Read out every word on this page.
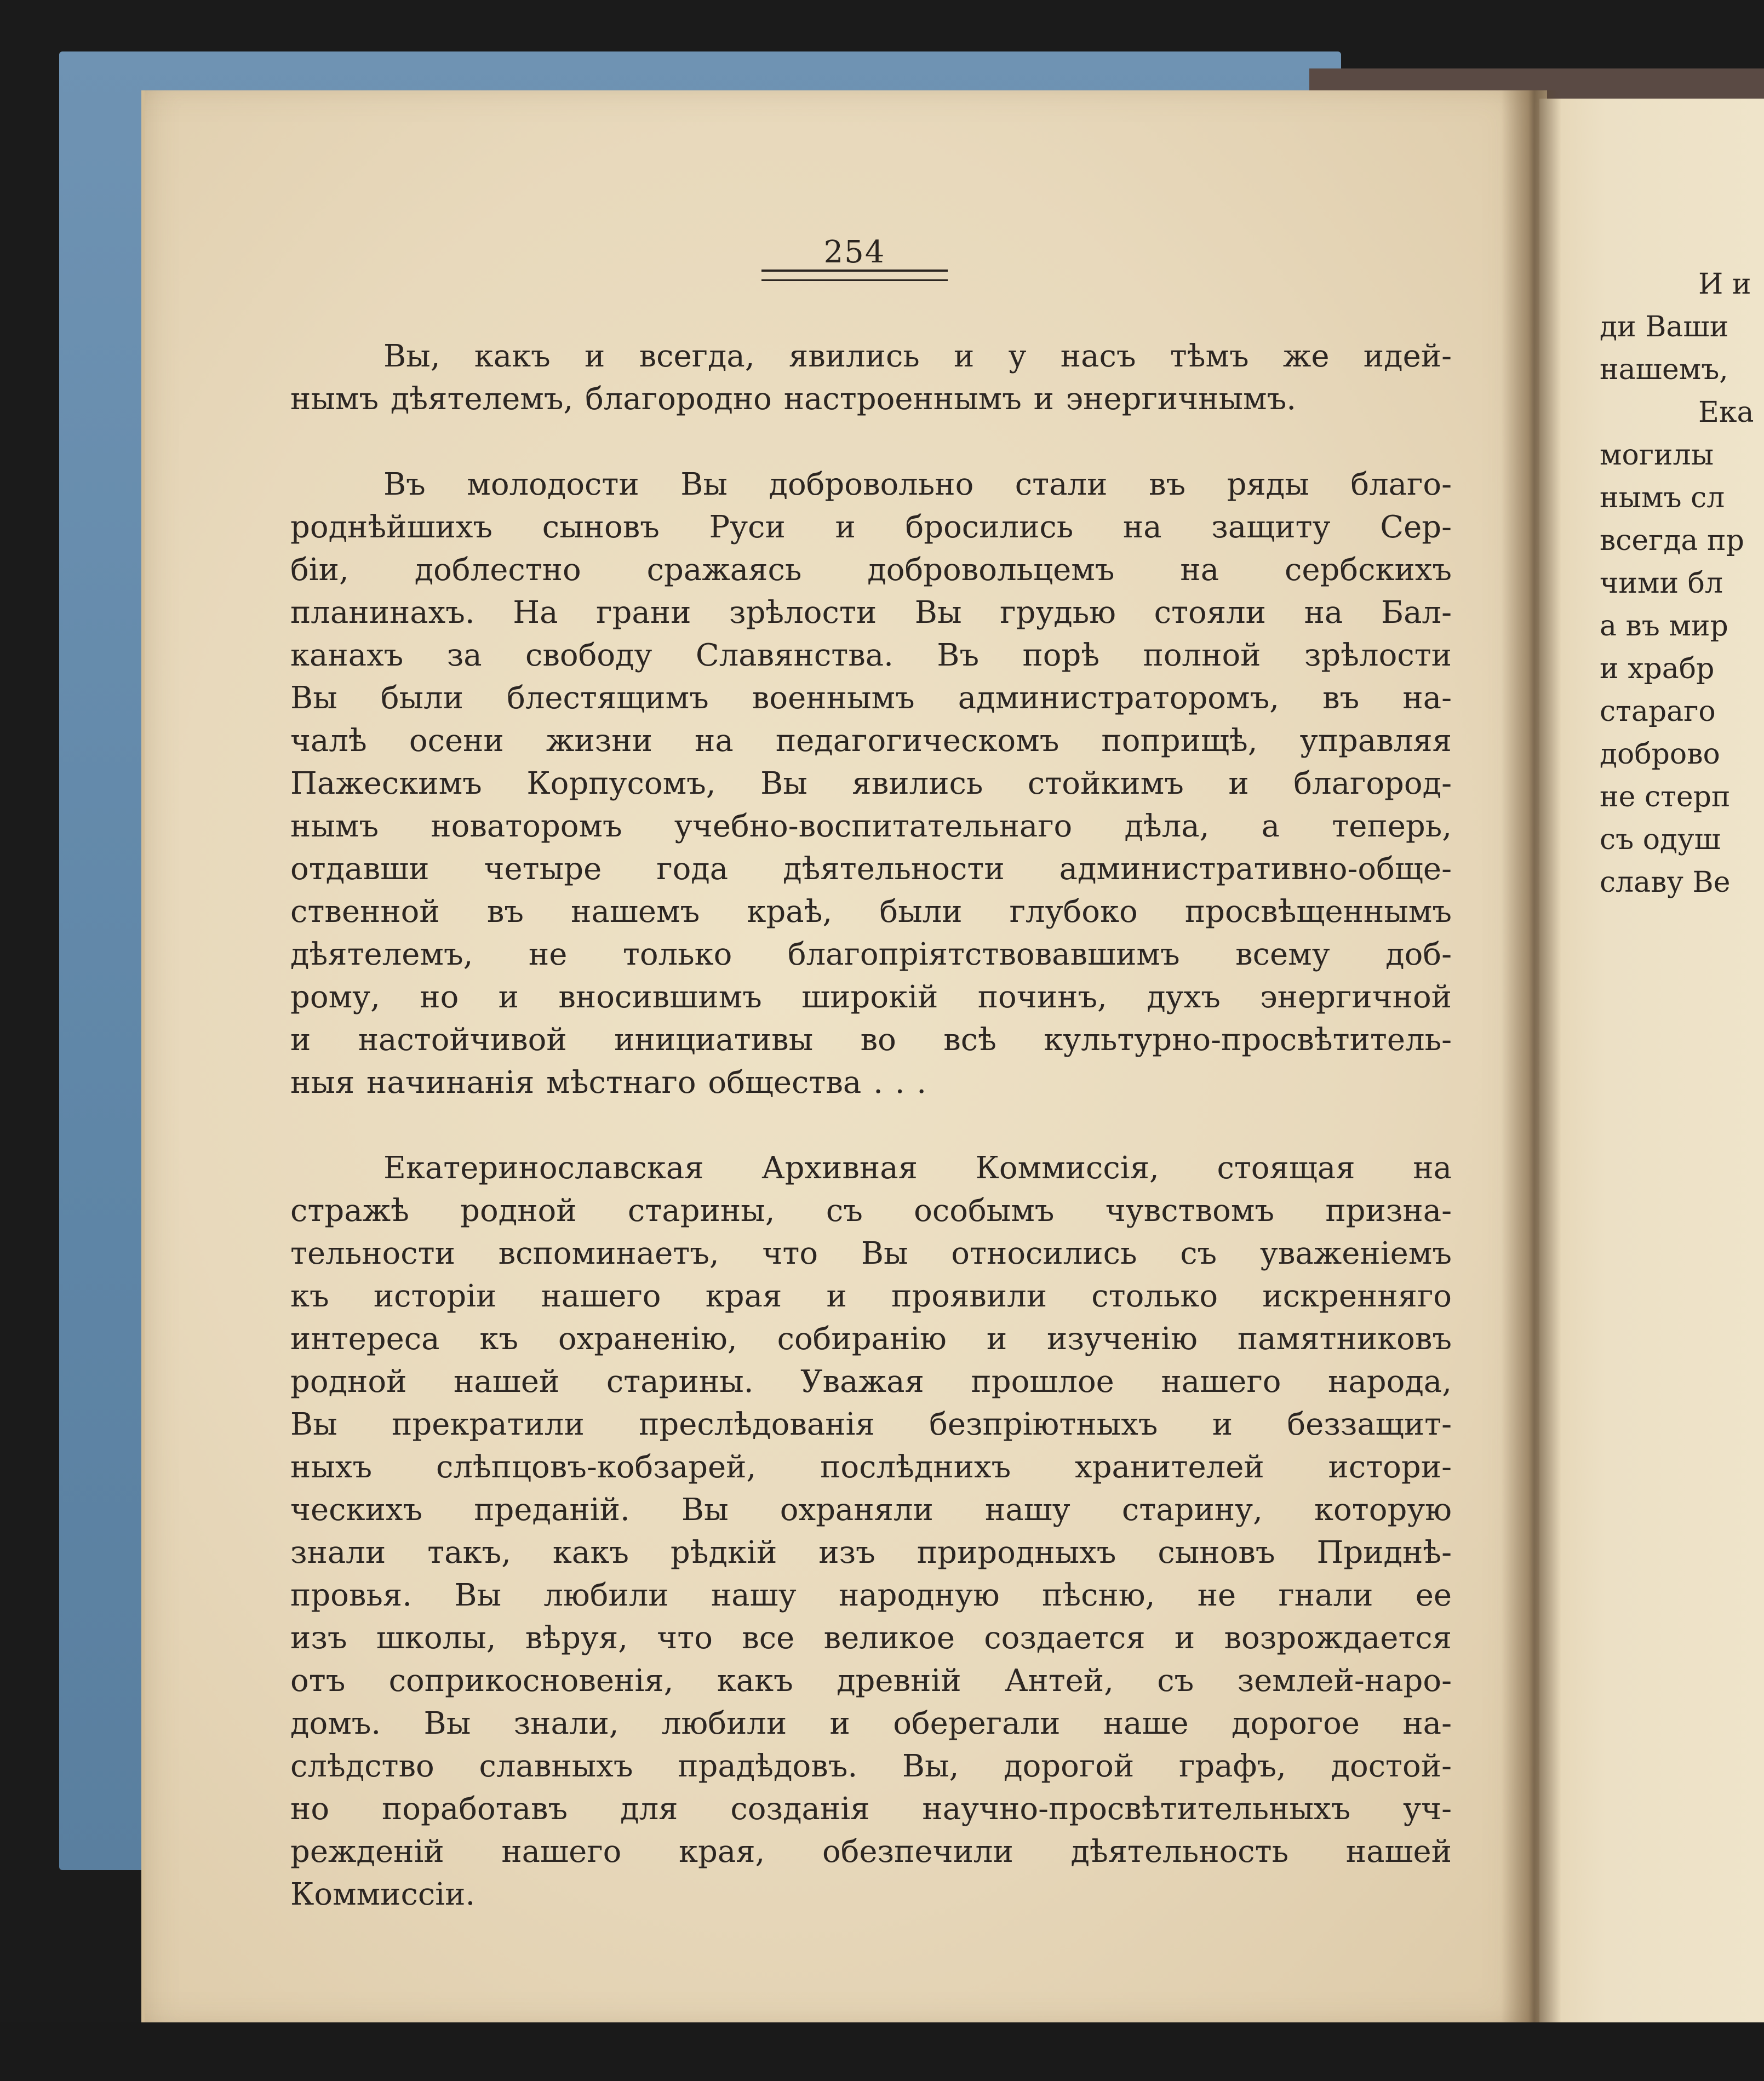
254
Вы, какъ и всегда, явились и у насъ тѣмъ же идей-
нымъ дѣятелемъ, благородно настроеннымъ и энергичнымъ.
Въ молодости Вы добровольно стали въ ряды благо-
роднѣйшихъ сыновъ Руси и бросились на защиту Сер-
біи, доблестно сражаясь добровольцемъ на сербскихъ
планинахъ. На грани зрѣлости Вы грудью стояли на Бал-
канахъ за свободу Славянства. Въ порѣ полной зрѣлости
Вы были блестящимъ военнымъ администраторомъ, въ на-
чалѣ осени жизни на педагогическомъ поприщѣ, управляя
Пажескимъ Корпусомъ, Вы явились стойкимъ и благород-
нымъ новаторомъ учебно-воспитательнаго дѣла, а теперь,
отдавши четыре года дѣятельности административно-обще-
ственной въ нашемъ краѣ, были глубоко просвѣщеннымъ
дѣятелемъ, не только благопріятствовавшимъ всему доб-
рому, но и вносившимъ широкій починъ, духъ энергичной
и настойчивой инициативы во всѣ культурно-просвѣтитель-
ныя начинанія мѣстнаго общества . . .
Екатеринославская Архивная Коммиссія, стоящая на
стражѣ родной старины, съ особымъ чувствомъ призна-
тельности вспоминаетъ, что Вы относились съ уваженіемъ
къ исторіи нашего края и проявили столько искренняго
интереса къ охраненію, собиранію и изученію памятниковъ
родной нашей старины. Уважая прошлое нашего народа,
Вы прекратили преслѣдованія безпріютныхъ и беззащит-
ныхъ слѣпцовъ-кобзарей, послѣднихъ хранителей истори-
ческихъ преданій. Вы охраняли нашу старину, которую
знали такъ, какъ рѣдкій изъ природныхъ сыновъ Приднѣ-
провья. Вы любили нашу народную пѣсню, не гнали ее
изъ школы, вѣруя, что все великое создается и возрождается
отъ соприкосновенія, какъ древній Антей, съ землей-наро-
домъ. Вы знали, любили и оберегали наше дорогое на-
слѣдство славныхъ прадѣдовъ. Вы, дорогой графъ, достой-
но поработавъ для созданія научно-просвѣтительныхъ уч-
режденій нашего края, обезпечили дѣятельность нашей
Коммиссіи.
И и
ди Ваши
нашемъ,
Ека
могилы
нымъ сл
всегда пр
чими бл
а въ мир
и храбр
стараго
доброво
не стерп
съ одуш
славу Ве
